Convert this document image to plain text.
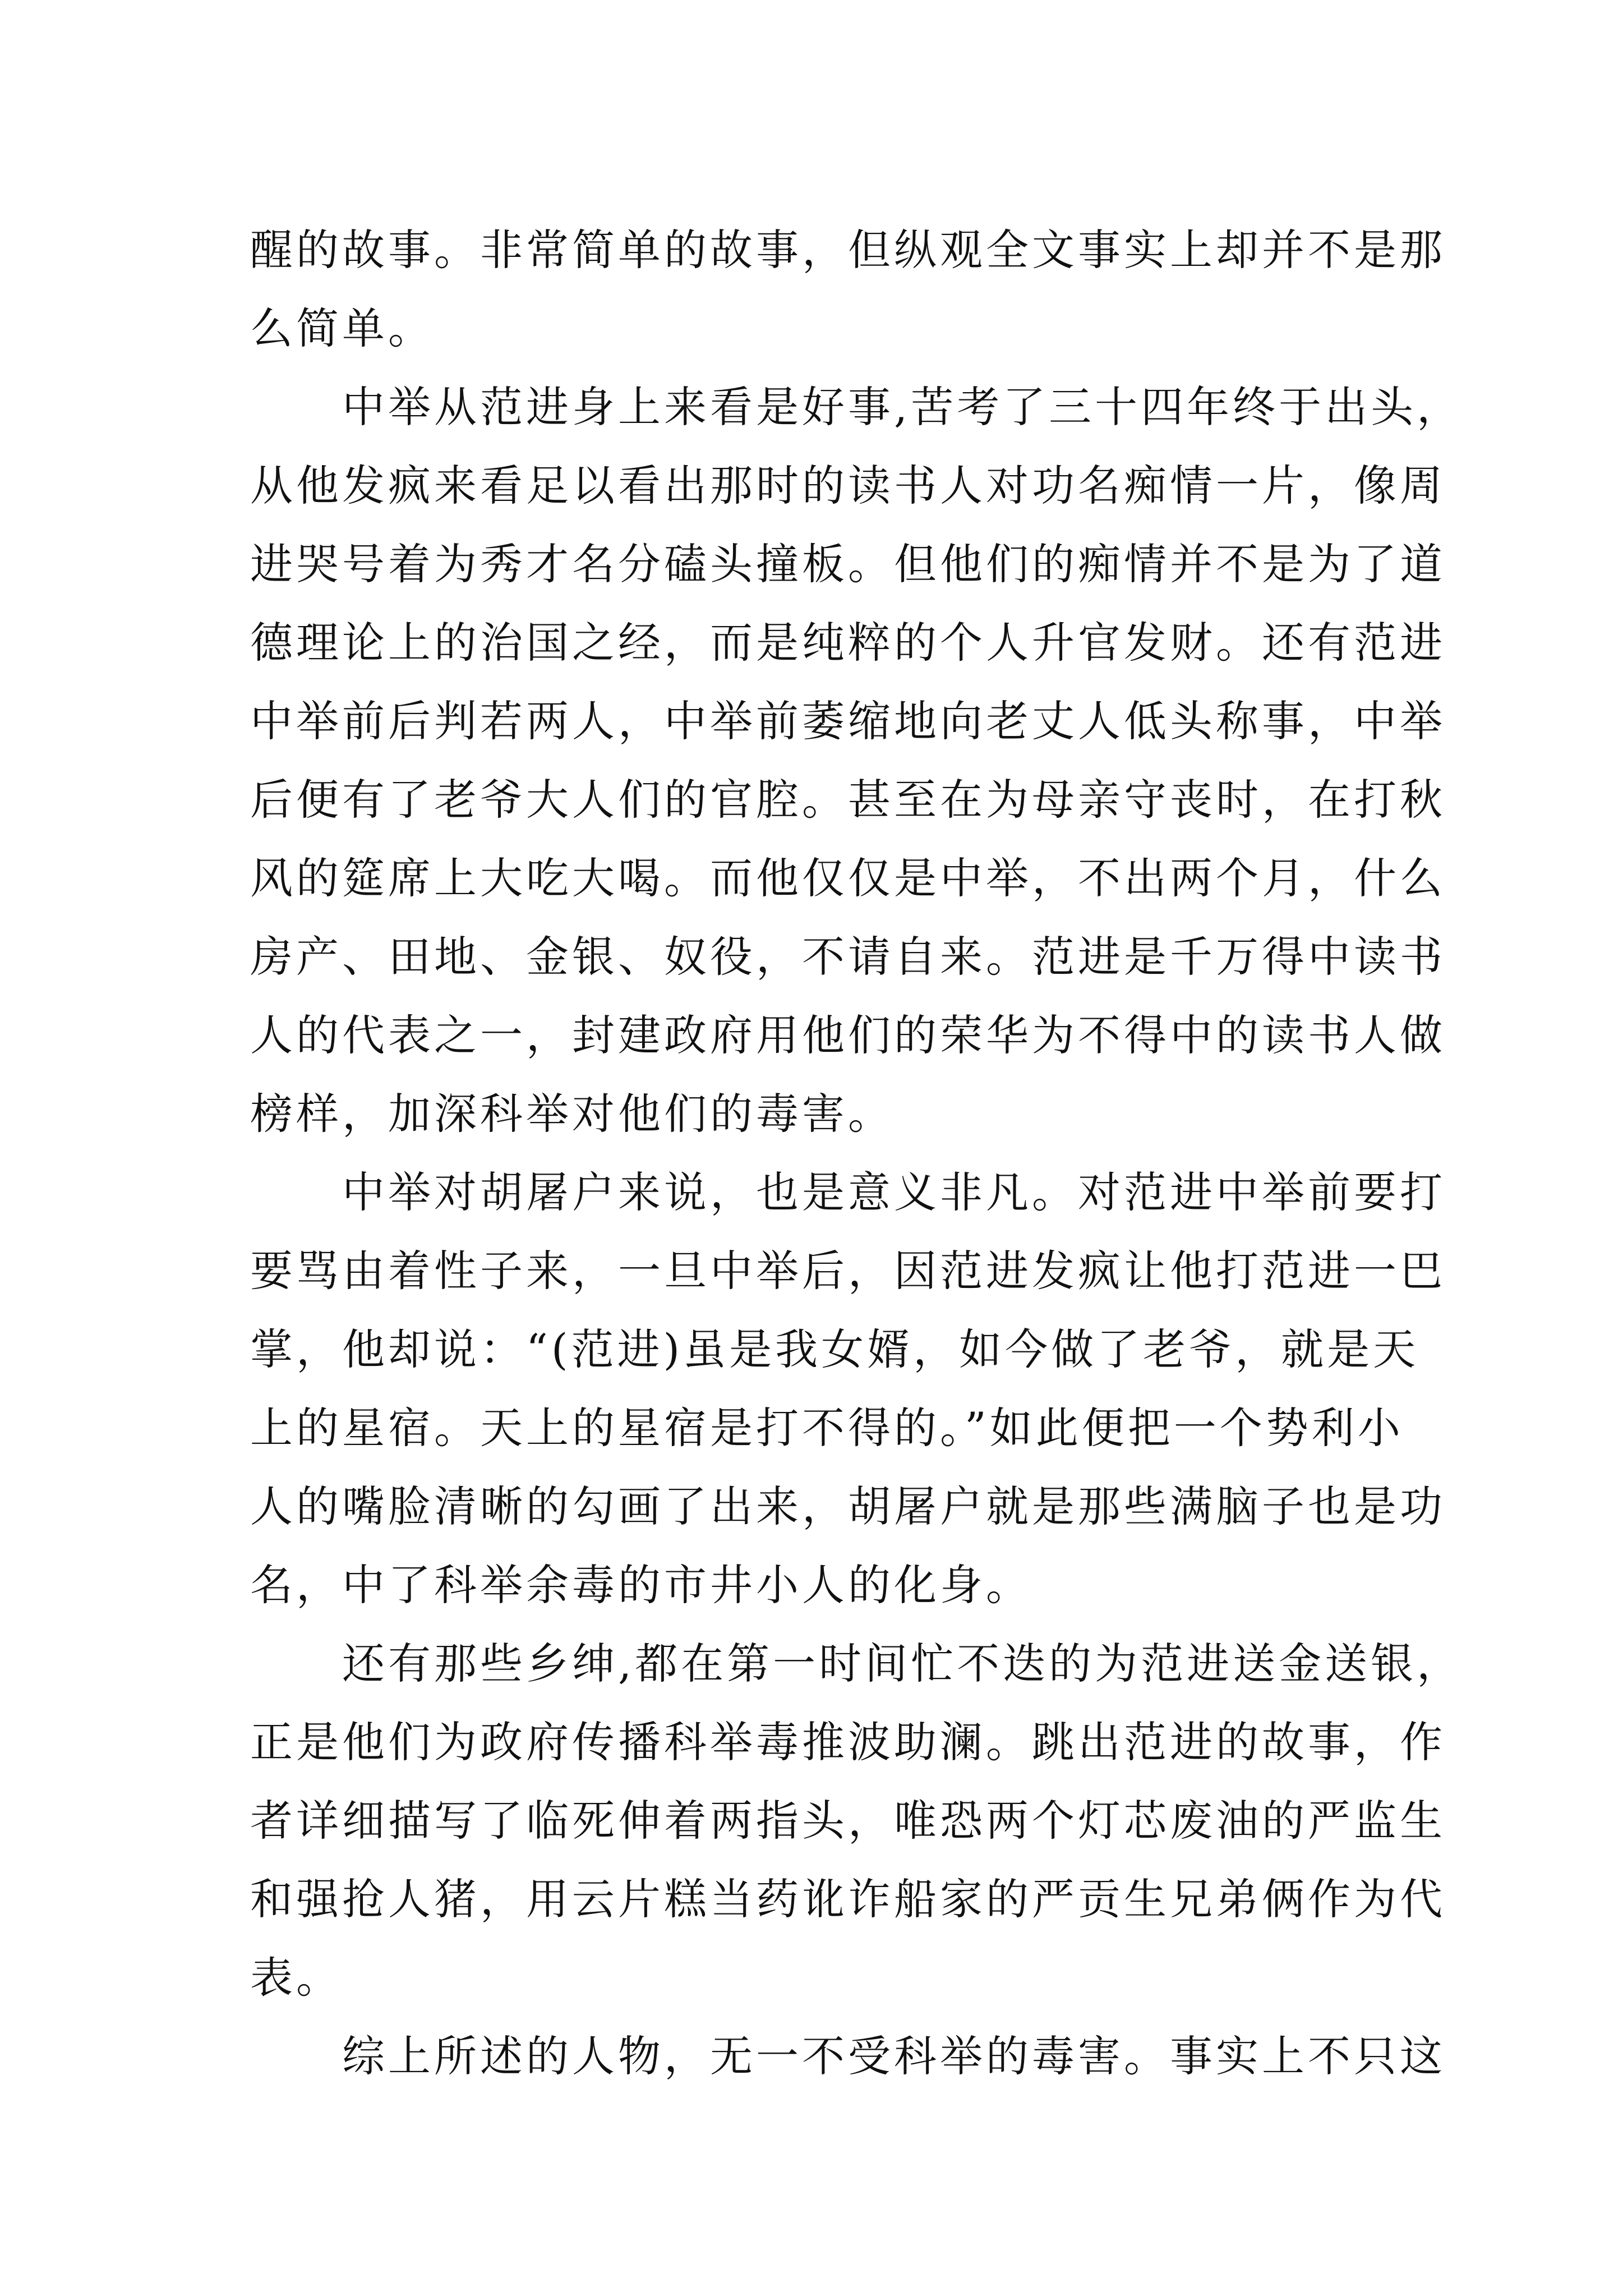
醒的故事。非常简单的故事，但纵观全文事实上却并不是那
么简单。
　　中举从范进身上来看是好事,苦考了三十四年终于出头，
从他发疯来看足以看出那时的读书人对功名痴情一片，像周
进哭号着为秀才名分磕头撞板。但他们的痴情并不是为了道
德理论上的治国之经，而是纯粹的个人升官发财。还有范进
中举前后判若两人，中举前萎缩地向老丈人低头称事，中举
后便有了老爷大人们的官腔。甚至在为母亲守丧时，在打秋
风的筵席上大吃大喝。而他仅仅是中举，不出两个月，什么
房产、田地、金银、奴役，不请自来。范进是千万得中读书
人的代表之一，封建政府用他们的荣华为不得中的读书人做
榜样，加深科举对他们的毒害。
　　中举对胡屠户来说，也是意义非凡。对范进中举前要打
要骂由着性子来，一旦中举后，因范进发疯让他打范进一巴
掌，他却说：“(范进)虽是我女婿，如今做了老爷，就是天
上的星宿。天上的星宿是打不得的。”如此便把一个势利小
人的嘴脸清晰的勾画了出来，胡屠户就是那些满脑子也是功
名，中了科举余毒的市井小人的化身。
　　还有那些乡绅,都在第一时间忙不迭的为范进送金送银，
正是他们为政府传播科举毒推波助澜。跳出范进的故事，作
者详细描写了临死伸着两指头，唯恐两个灯芯废油的严监生
和强抢人猪，用云片糕当药讹诈船家的严贡生兄弟俩作为代
表。
　　综上所述的人物，无一不受科举的毒害。事实上不只这
